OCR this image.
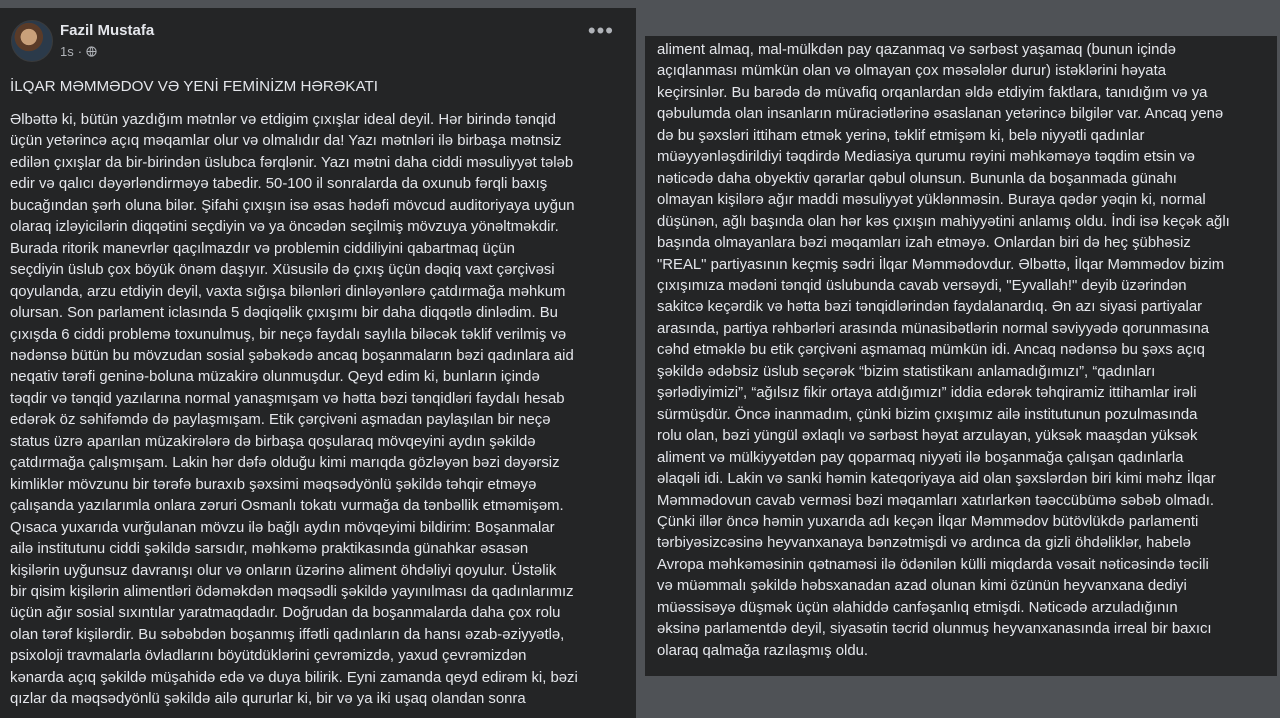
Fazil Mustafa
1s ·
•••
İLQAR MƏMMƏDOV VƏ YENİ FEMİNİZM HƏRƏKATI
Əlbəttə ki, bütün yazdığım mətnlər və etdigim çıxışlar ideal deyil. Hər birində tənqid
üçün yetərincə açıq məqamlar olur və olmalıdır da! Yazı mətnləri ilə birbaşa mətnsiz
edilən çıxışlar da bir-birindən üslubca fərqlənir. Yazı mətni daha ciddi məsuliyyət tələb
edir və qalıcı dəyərləndirməyə tabedir. 50-100 il sonralarda da oxunub fərqli baxış
bucağından şərh oluna bilər. Şifahi çıxışın isə əsas hədəfi mövcud auditoriyaya uyğun
olaraq izləyicilərin diqqətini seçdiyin və ya öncədən seçilmiş mövzuya yönəltməkdir.
Burada ritorik manevrlər qaçılmazdır və problemin ciddiliyini qabartmaq üçün
seçdiyin üslub çox böyük önəm daşıyır. Xüsusilə də çıxış üçün dəqiq vaxt çərçivəsi
qoyulanda, arzu etdiyin deyil, vaxta sığışa bilənləri dinləyənlərə çatdırmağa məhkum
olursan. Son parlament iclasında 5 dəqiqəlik çıxışımı bir daha diqqətlə dinlədim. Bu
çıxışda 6 ciddi problemə toxunulmuş, bir neçə faydalı saylıla biləcək təklif verilmiş və
nədənsə bütün bu mövzudan sosial şəbəkədə ancaq boşanmaların bəzi qadınlara aid
neqativ tərəfi geninə-boluna müzakirə olunmuşdur. Qeyd edim ki, bunların içində
təqdir və tənqid yazılarına normal yanaşmışam və hətta bəzi tənqidləri faydalı hesab
edərək öz səhifəmdə də paylaşmışam. Etik çərçivəni aşmadan paylaşılan bir neçə
status üzrə aparılan müzakirələrə də birbaşa qoşularaq mövqeyini aydın şəkildə
çatdırmağa çalışmışam. Lakin hər dəfə olduğu kimi marıqda gözləyən bəzi dəyərsiz
kimliklər mövzunu bir tərəfə buraxıb şəxsimi məqsədyönlü şəkildə təhqir etməyə
çalışanda yazılarımla onlara zəruri Osmanlı tokatı vurmağa da tənbəllik etməmişəm.
Qısaca yuxarıda vurğulanan mövzu ilə bağlı aydın mövqeyimi bildirim: Boşanmalar
ailə institutunu ciddi şəkildə sarsıdır, məhkəmə praktikasında günahkar əsasən
kişilərin uyğunsuz davranışı olur və onların üzərinə aliment öhdəliyi qoyulur. Üstəlik
bir qisim kişilərin alimentləri ödəməkdən məqsədli şəkildə yayınılması da qadınlarımız
üçün ağır sosial sıxıntılar yaratmaqdadır. Doğrudan da boşanmalarda daha çox rolu
olan tərəf kişilərdir. Bu səbəbdən boşanmış iffətli qadınların da hansı əzab-əziyyətlə,
psixoloji travmalarla övladlarını böyütdüklərini çevrəmizdə, yaxud çevrəmizdən
kənarda açıq şəkildə müşahidə edə və duya bilirik. Eyni zamanda qeyd edirəm ki, bəzi
qızlar da məqsədyönlü şəkildə ailə qururlar ki, bir və ya iki uşaq olandan sonra
aliment almaq, mal-mülkdən pay qazanmaq və sərbəst yaşamaq (bunun içində
açıqlanması mümkün olan və olmayan çox məsələlər durur) istəklərini həyata
keçirsinlər. Bu barədə də müvafiq orqanlardan əldə etdiyim faktlara, tanıdığım və ya
qəbulumda olan insanların müraciətlərinə əsaslanan yetərincə bilgilər var. Ancaq yenə
də bu şəxsləri ittiham etmək yerinə, təklif etmişəm ki, belə niyyətli qadınlar
müəyyənləşdirildiyi təqdirdə Mediasiya qurumu rəyini məhkəməyə təqdim etsin və
nəticədə daha obyektiv qərarlar qəbul olunsun. Bununla da boşanmada günahı
olmayan kişilərə ağır maddi məsuliyyət yüklənməsin. Buraya qədər yəqin ki, normal
düşünən, ağlı başında olan hər kəs çıxışın mahiyyətini anlamış oldu. İndi isə keçək ağlı
başında olmayanlara bəzi məqamları izah etməyə. Onlardan biri də heç şübhəsiz
"REAL" partiyasının keçmiş sədri İlqar Məmmədovdur. Əlbəttə, İlqar Məmmədov bizim
çıxışımıza mədəni tənqid üslubunda cavab versəydi, "Eyvallah!" deyib üzərindən
sakitcə keçərdik və hətta bəzi tənqidlərindən faydalanardıq. Ən azı siyasi partiyalar
arasında, partiya rəhbərləri arasında münasibətlərin normal səviyyədə qorunmasına
cəhd etməklə bu etik çərçivəni aşmamaq mümkün idi. Ancaq nədənsə bu şəxs açıq
şəkildə ədəbsiz üslub seçərək “bizim statistikanı anlamadığımızı”, “qadınları
şərlədiyimizi”, “ağılsız fikir ortaya atdığımızı” iddia edərək təhqiramiz ittihamlar irəli
sürmüşdür. Öncə inanmadım, çünki bizim çıxışımız ailə institutunun pozulmasında
rolu olan, bəzi yüngül əxlaqlı və sərbəst həyat arzulayan, yüksək maaşdan yüksək
aliment və mülkiyyətdən pay qoparmaq niyyəti ilə boşanmağa çalışan qadınlarla
əlaqəli idi. Lakin və sanki həmin kateqoriyaya aid olan şəxslərdən biri kimi məhz İlqar
Məmmədovun cavab verməsi bəzi məqamları xatırlarkən təəccübümə səbəb olmadı.
Çünki illər öncə həmin yuxarıda adı keçən İlqar Məmmədov bütövlükdə parlamenti
tərbiyəsizcəsinə heyvanxanaya bənzətmişdi və ardınca da gizli öhdəliklər, habelə
Avropa məhkəməsinin qətnaməsi ilə ödənilən külli miqdarda vəsait nəticəsində təcili
və müəmmalı şəkildə həbsxanadan azad olunan kimi özünün heyvanxana dediyi
müəssisəyə düşmək üçün əlahiddə canfəşanlıq etmişdi. Nəticədə arzuladığının
əksinə parlamentdə deyil, siyasətin təcrid olunmuş heyvanxanasında irreal bir baxıcı
olaraq qalmağa razılaşmış oldu.
